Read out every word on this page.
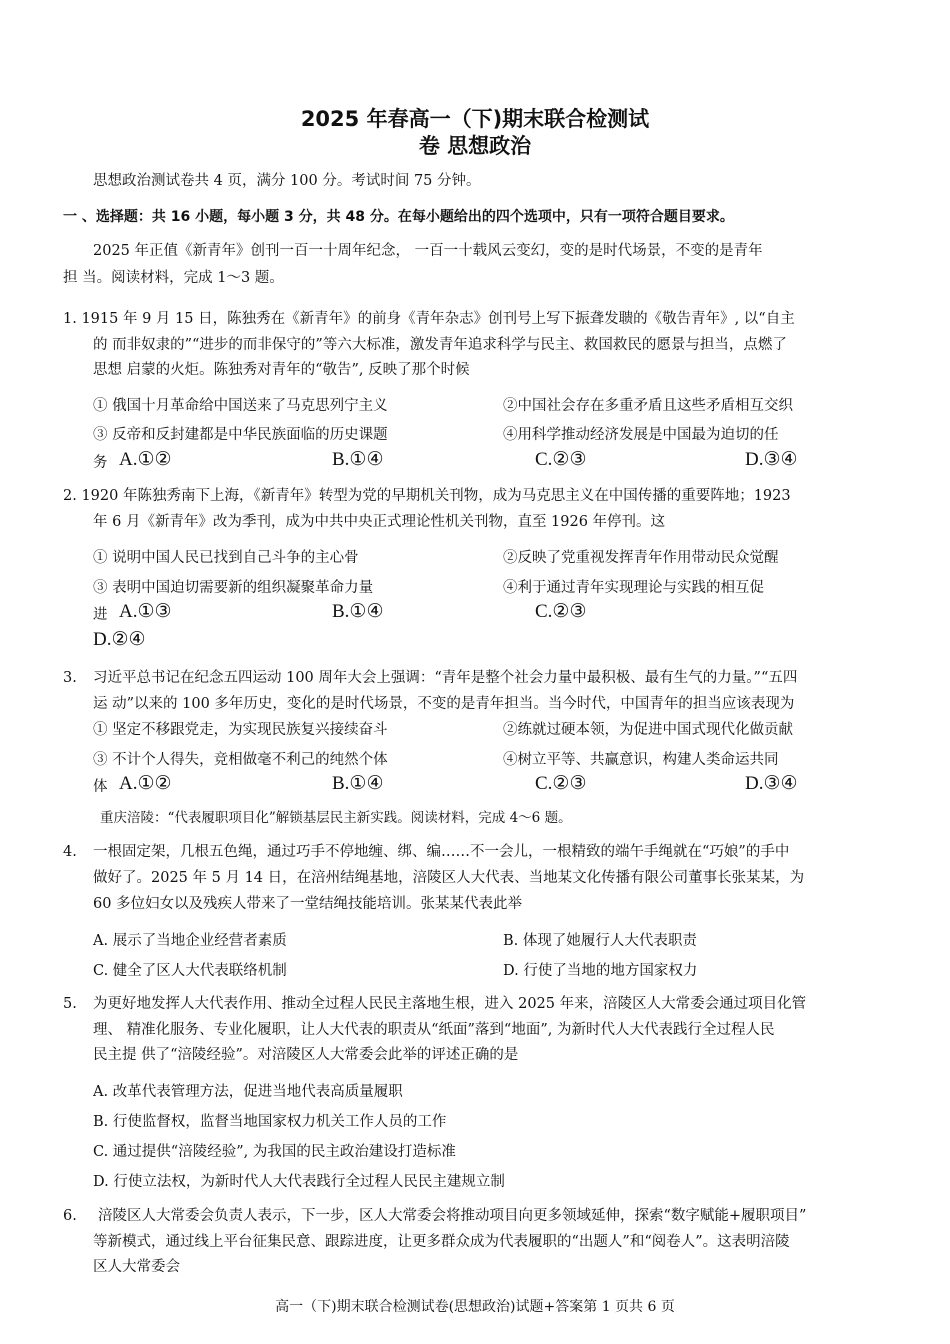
2025 年春高一（下)期末联合检测试
卷 思想政治
思想政治测试卷共 4 页，满分 100 分。考试时间 75 分钟。
一 、选择题：共 16 小题，每小题 3 分，共 48 分。在每小题给出的四个选项中，只有一项符合题目要求。
2025 年正值《新青年》创刊一百一十周年纪念， 一百一十载风云变幻，变的是时代场景，不变的是青年
担 当。阅读材料，完成 1～3 题。
1. 1915 年 9 月 15 日，陈独秀在《新青年》的前身《青年杂志》创刊号上写下振聋发聩的《敬告青年》, 以“自主
的 而非奴隶的”“进步的而非保守的”等六大标准，激发青年追求科学与民主、救国救民的愿景与担当，点燃了
思想 启蒙的火炬。陈独秀对青年的“敬告”, 反映了那个时候
① 俄国十月革命给中国送来了马克思列宁主义	②中国社会存在多重矛盾且这些矛盾相互交织
③ 反帝和反封建都是中华民族面临的历史课题	④用科学推动经济发展是中国最为迫切的任
务 A.①②	B.①④	C.②③	D.③④
2. 1920 年陈独秀南下上海，《新青年》转型为党的早期机关刊物，成为马克思主义在中国传播的重要阵地；1923
年 6 月《新青年》改为季刊，成为中共中央正式理论性机关刊物，直至 1926 年停刊。这
① 说明中国人民已找到自己斗争的主心骨	②反映了党重视发挥青年作用带动民众觉醒
③ 表明中国迫切需要新的组织凝聚革命力量	④利于通过青年实现理论与实践的相互促
进 A.①③	B.①④	C.②③
D.②④
3. 习近平总书记在纪念五四运动 100 周年大会上强调：“青年是整个社会力量中最积极、最有生气的力量。”“五四
运 动”以来的 100 多年历史，变化的是时代场景，不变的是青年担当。当今时代，中国青年的担当应该表现为
① 坚定不移跟党走，为实现民族复兴接续奋斗	②练就过硬本领，为促进中国式现代化做贡献
③ 不计个人得失，竞相做毫不利己的纯然个体	④树立平等、共赢意识，构建人类命运共同
体 A.①②	B.①④	C.②③	D.③④
重庆涪陵：“代表履职项目化”解锁基层民主新实践。阅读材料，完成 4～6 题。
4. 一根固定架，几根五色绳，通过巧手不停地缠、绑、编……不一会儿，一根精致的端午手绳就在“巧娘”的手中
做好了。2025 年 5 月 14 日，在涪州结绳基地，涪陵区人大代表、当地某文化传播有限公司董事长张某某，为
60 多位妇女以及残疾人带来了一堂结绳技能培训。张某某代表此举
A. 展示了当地企业经营者素质	B. 体现了她履行人大代表职责
C. 健全了区人大代表联络机制	D. 行使了当地的地方国家权力
5. 为更好地发挥人大代表作用、推动全过程人民民主落地生根，进入 2025 年来，涪陵区人大常委会通过项目化管
理、 精准化服务、专业化履职，让人大代表的职责从“纸面”落到“地面”, 为新时代人大代表践行全过程人民
民主提 供了“涪陵经验”。对涪陵区人大常委会此举的评述正确的是
A. 改革代表管理方法，促进当地代表高质量履职
B. 行使监督权，监督当地国家权力机关工作人员的工作
C. 通过提供“涪陵经验”, 为我国的民主政治建设打造标准
D. 行使立法权，为新时代人大代表践行全过程人民民主建规立制
6. 涪陵区人大常委会负责人表示，下一步，区人大常委会将推动项目向更多领域延伸，探索“数字赋能+履职项目”
等新模式，通过线上平台征集民意、跟踪进度，让更多群众成为代表履职的“出题人”和“阅卷人”。这表明涪陵
区人大常委会
高一（下)期末联合检测试卷(思想政治)试题+答案第 1 页共 6 页
